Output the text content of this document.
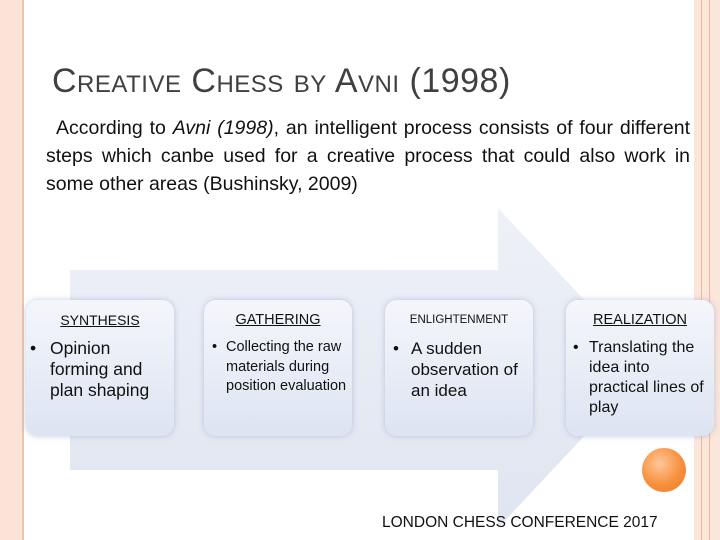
Creative Chess by Avni (1998)
According to Avni (1998), an intelligent process consists of four different steps which canbe used for a creative process that could also work in some other areas (Bushinsky, 2009)
SYNTHESIS
• Opinion forming and plan shaping
GATHERING
• Collecting the raw materials during position evaluation
ENLIGHTENMENT
• A sudden observation of an idea
REALIZATION
• Translating the idea into practical lines of play
LONDON CHESS CONFERENCE 2017
